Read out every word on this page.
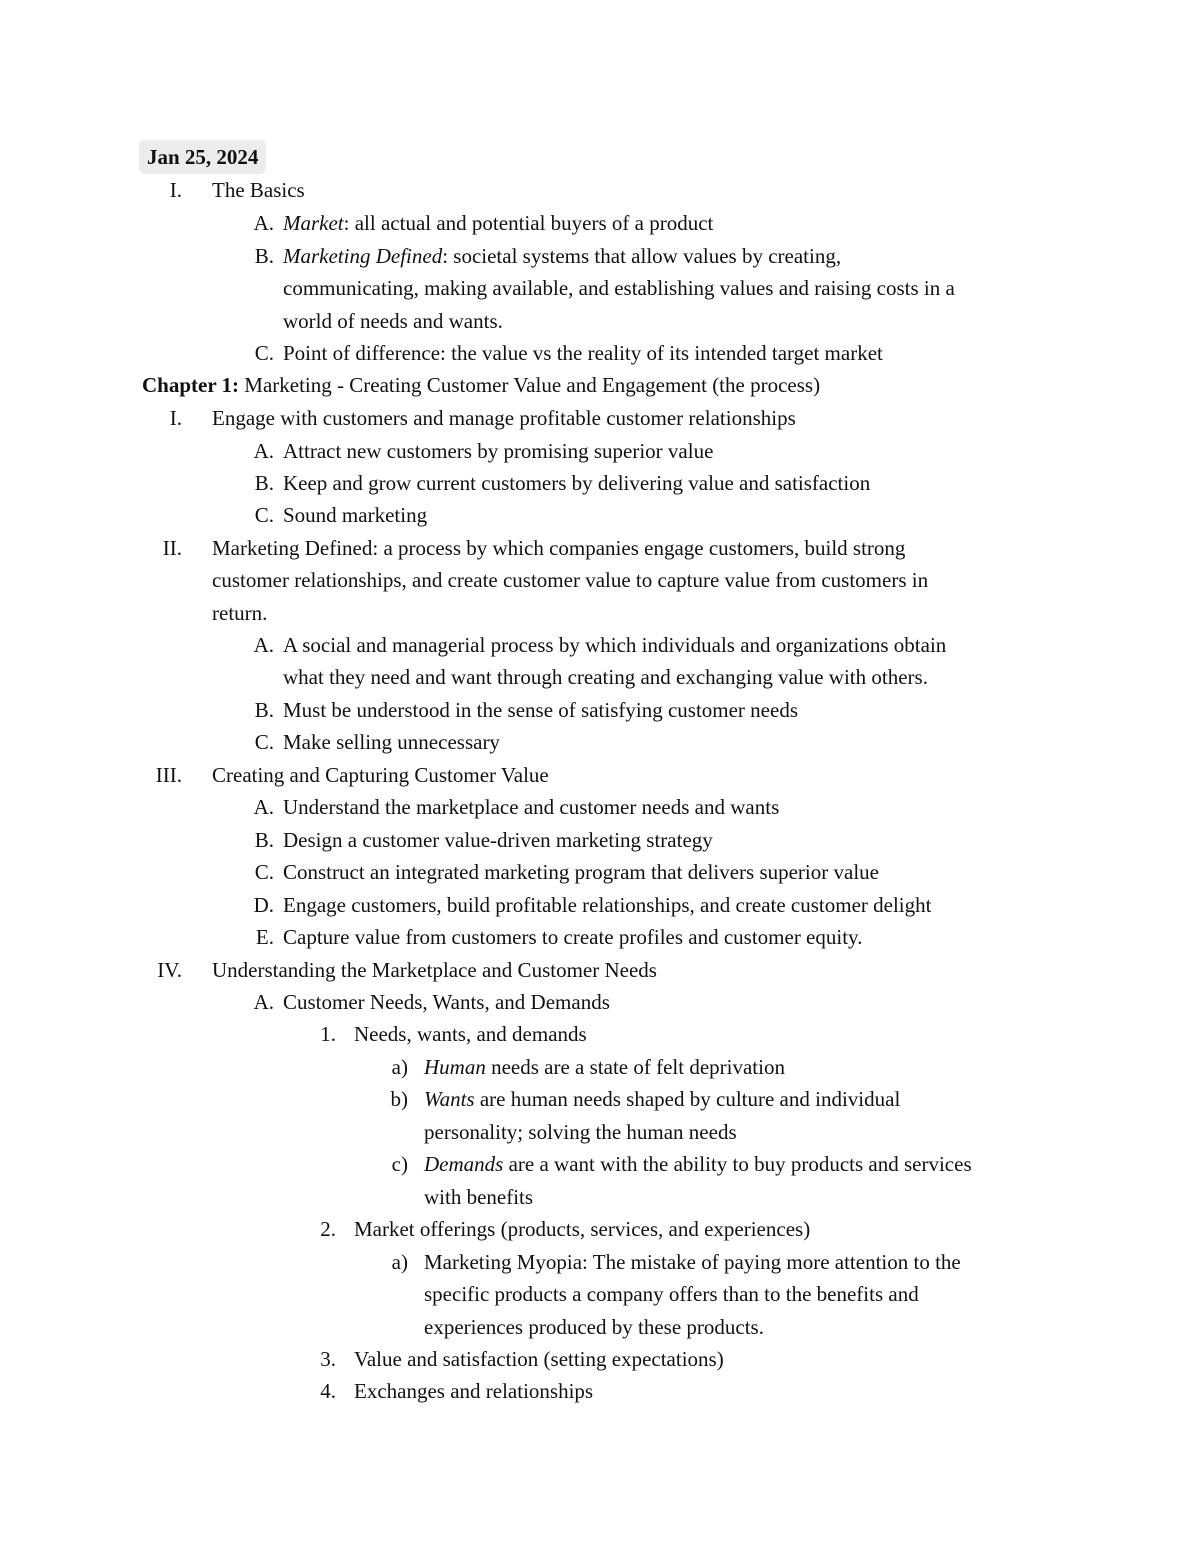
Jan 25, 2024
I. The Basics
A. Market: all actual and potential buyers of a product
B. Marketing Defined: societal systems that allow values by creating,
communicating, making available, and establishing values and raising costs in a
world of needs and wants.
C. Point of difference: the value vs the reality of its intended target market
Chapter 1: Marketing - Creating Customer Value and Engagement (the process)
I. Engage with customers and manage profitable customer relationships
A. Attract new customers by promising superior value
B. Keep and grow current customers by delivering value and satisfaction
C. Sound marketing
II. Marketing Defined: a process by which companies engage customers, build strong
customer relationships, and create customer value to capture value from customers in
return.
A. A social and managerial process by which individuals and organizations obtain
what they need and want through creating and exchanging value with others.
B. Must be understood in the sense of satisfying customer needs
C. Make selling unnecessary
III. Creating and Capturing Customer Value
A. Understand the marketplace and customer needs and wants
B. Design a customer value-driven marketing strategy
C. Construct an integrated marketing program that delivers superior value
D. Engage customers, build profitable relationships, and create customer delight
E. Capture value from customers to create profiles and customer equity.
IV. Understanding the Marketplace and Customer Needs
A. Customer Needs, Wants, and Demands
1. Needs, wants, and demands
a) Human needs are a state of felt deprivation
b) Wants are human needs shaped by culture and individual
personality; solving the human needs
c) Demands are a want with the ability to buy products and services
with benefits
2. Market offerings (products, services, and experiences)
a) Marketing Myopia: The mistake of paying more attention to the
specific products a company offers than to the benefits and
experiences produced by these products.
3. Value and satisfaction (setting expectations)
4. Exchanges and relationships
